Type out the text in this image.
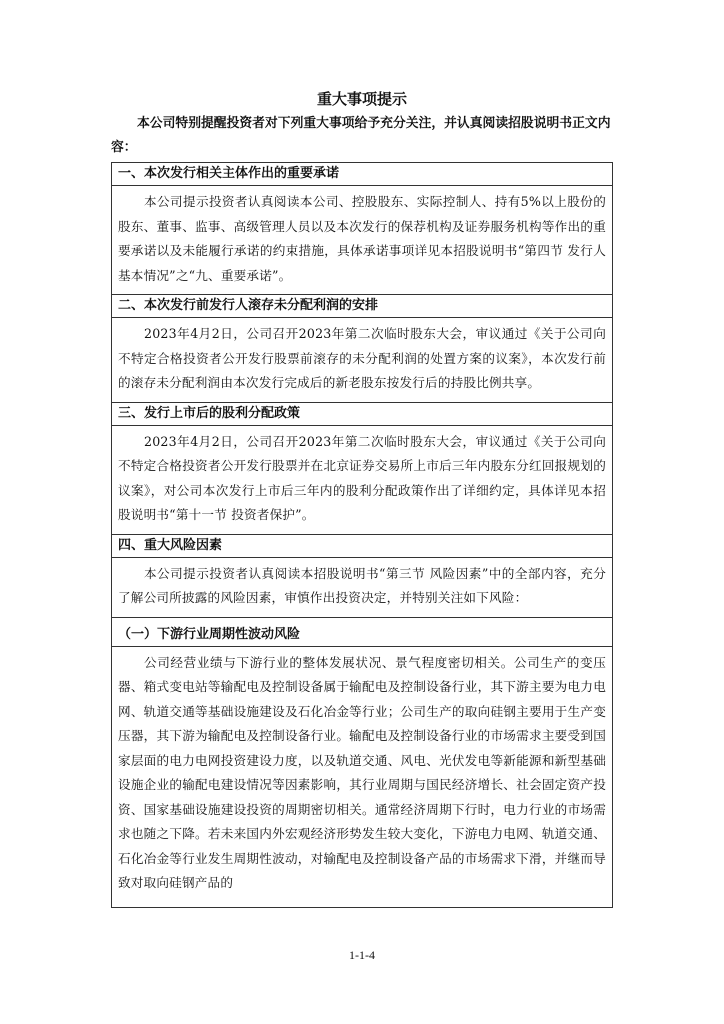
重大事项提示
本公司特别提醒投资者对下列重大事项给予充分关注，并认真阅读招股说明书正文内容：
一、本次发行相关主体作出的重要承诺
本公司提示投资者认真阅读本公司、控股股东、实际控制人、持有5%以上股份的股东、董事、监事、高级管理人员以及本次发行的保荐机构及证券服务机构等作出的重要承诺以及未能履行承诺的约束措施，具体承诺事项详见本招股说明书“第四节 发行人基本情况”之“九、重要承诺”。
二、本次发行前发行人滚存未分配利润的安排
2023年4月2日，公司召开2023年第二次临时股东大会，审议通过《关于公司向不特定合格投资者公开发行股票前滚存的未分配利润的处置方案的议案》，本次发行前的滚存未分配利润由本次发行完成后的新老股东按发行后的持股比例共享。
三、发行上市后的股利分配政策
2023年4月2日，公司召开2023年第二次临时股东大会，审议通过《关于公司向不特定合格投资者公开发行股票并在北京证券交易所上市后三年内股东分红回报规划的议案》，对公司本次发行上市后三年内的股利分配政策作出了详细约定，具体详见本招股说明书“第十一节 投资者保护”。
四、重大风险因素
本公司提示投资者认真阅读本招股说明书“第三节 风险因素”中的全部内容，充分了解公司所披露的风险因素，审慎作出投资决定，并特别关注如下风险：
（一）下游行业周期性波动风险
公司经营业绩与下游行业的整体发展状况、景气程度密切相关。公司生产的变压器、箱式变电站等输配电及控制设备属于输配电及控制设备行业，其下游主要为电力电网、轨道交通等基础设施建设及石化冶金等行业；公司生产的取向硅钢主要用于生产变压器，其下游为输配电及控制设备行业。输配电及控制设备行业的市场需求主要受到国家层面的电力电网投资建设力度，以及轨道交通、风电、光伏发电等新能源和新型基础设施企业的输配电建设情况等因素影响，其行业周期与国民经济增长、社会固定资产投资、国家基础设施建设投资的周期密切相关。通常经济周期下行时，电力行业的市场需求也随之下降。若未来国内外宏观经济形势发生较大变化，下游电力电网、轨道交通、石化冶金等行业发生周期性波动，对输配电及控制设备产品的市场需求下滑，并继而导致对取向硅钢产品的
1-1-4
